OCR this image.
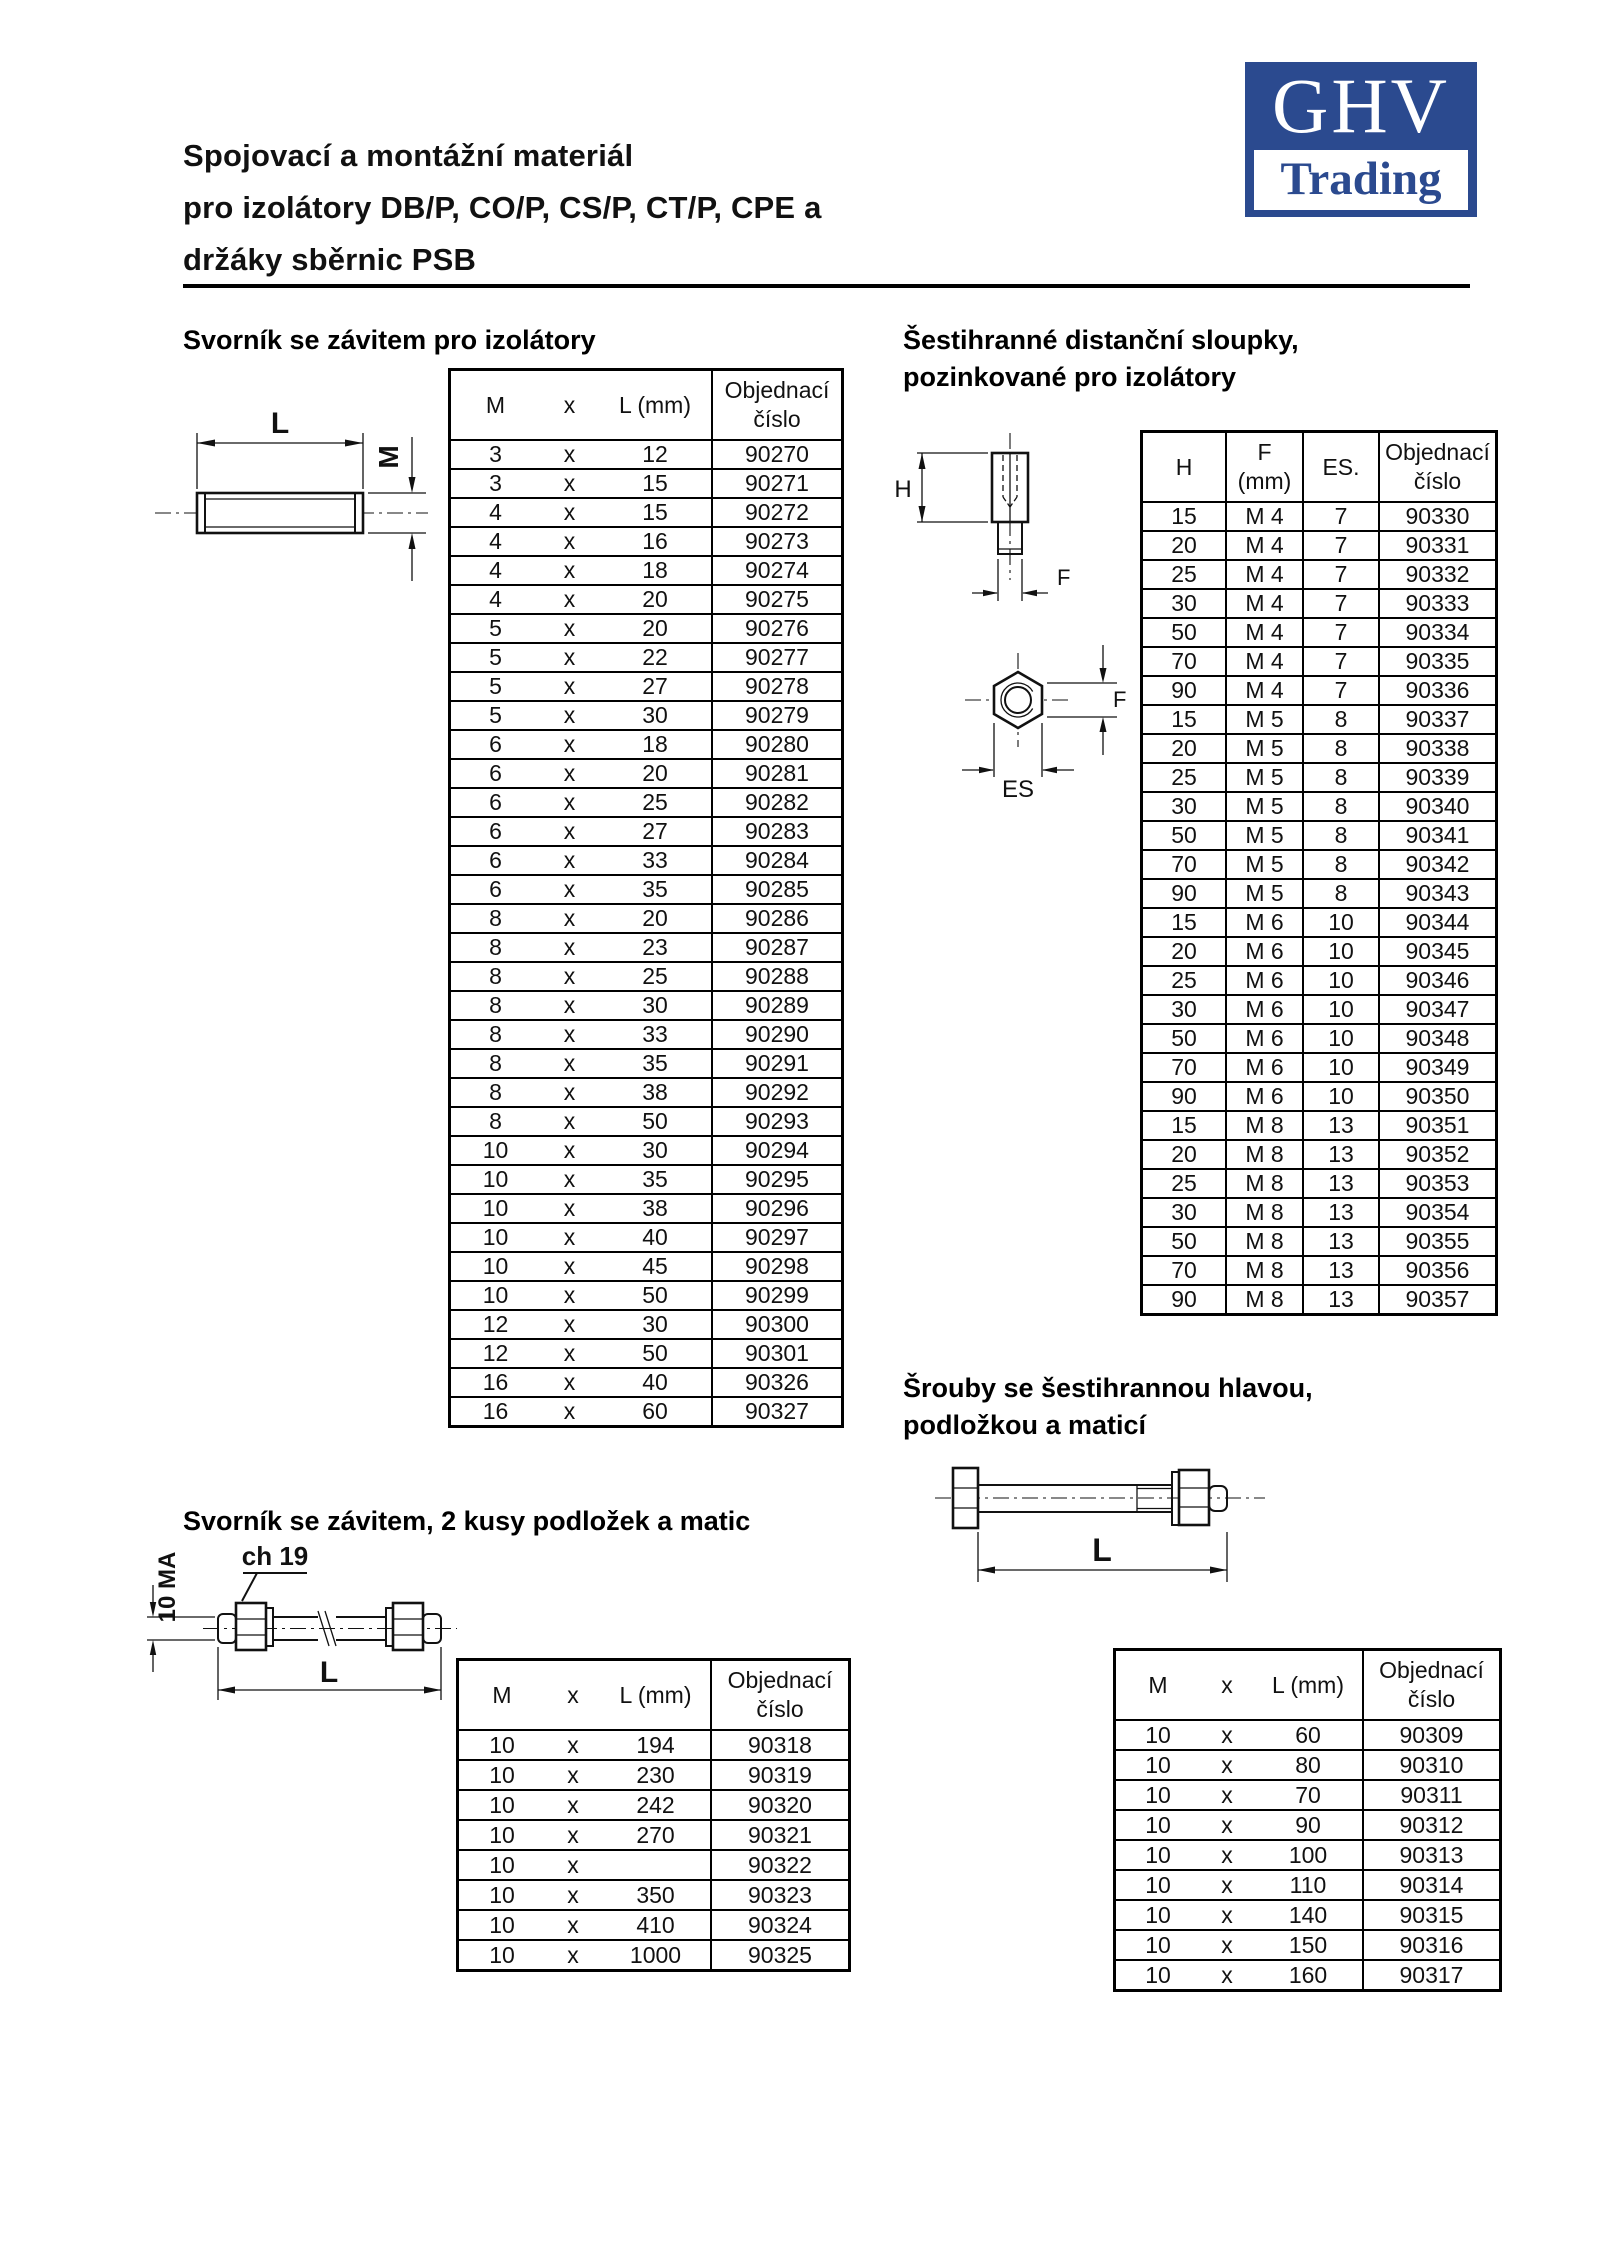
Spojovací a montážní materiál
pro izolátory DB/P, CO/P, CS/P, CT/P, CPE a
držáky sběrnic PSB
GHV
Trading
Svorník se závitem pro izolátory
L
M
M	x	L (mm)	Objednací číslo
3	x	12	90270
3	x	15	90271
4	x	15	90272
4	x	16	90273
4	x	18	90274
4	x	20	90275
5	x	20	90276
5	x	22	90277
5	x	27	90278
5	x	30	90279
6	x	18	90280
6	x	20	90281
6	x	25	90282
6	x	27	90283
6	x	33	90284
6	x	35	90285
8	x	20	90286
8	x	23	90287
8	x	25	90288
8	x	30	90289
8	x	33	90290
8	x	35	90291
8	x	38	90292
8	x	50	90293
10	x	30	90294
10	x	35	90295
10	x	38	90296
10	x	40	90297
10	x	45	90298
10	x	50	90299
12	x	30	90300
12	x	50	90301
16	x	40	90326
16	x	60	90327
Šestihranné distanční sloupky,
pozinkované pro izolátory
H
F
ES
F
H	F (mm)	ES.	Objednací číslo
15	M 4	7	90330
20	M 4	7	90331
25	M 4	7	90332
30	M 4	7	90333
50	M 4	7	90334
70	M 4	7	90335
90	M 4	7	90336
15	M 5	8	90337
20	M 5	8	90338
25	M 5	8	90339
30	M 5	8	90340
50	M 5	8	90341
70	M 5	8	90342
90	M 5	8	90343
15	M 6	10	90344
20	M 6	10	90345
25	M 6	10	90346
30	M 6	10	90347
50	M 6	10	90348
70	M 6	10	90349
90	M 6	10	90350
15	M 8	13	90351
20	M 8	13	90352
25	M 8	13	90353
30	M 8	13	90354
50	M 8	13	90355
70	M 8	13	90356
90	M 8	13	90357
Svorník se závitem, 2 kusy podložek a matic
ch 19
10 MA
L
M	x	L (mm)	Objednací číslo
10	x	194	90318
10	x	230	90319
10	x	242	90320
10	x	270	90321
10	x		90322
10	x	350	90323
10	x	410	90324
10	x	1000	90325
Šrouby se šestihrannou hlavou,
podložkou a maticí
L
M	x	L (mm)	Objednací číslo
10	x	60	90309
10	x	80	90310
10	x	70	90311
10	x	90	90312
10	x	100	90313
10	x	110	90314
10	x	140	90315
10	x	150	90316
10	x	160	90317
